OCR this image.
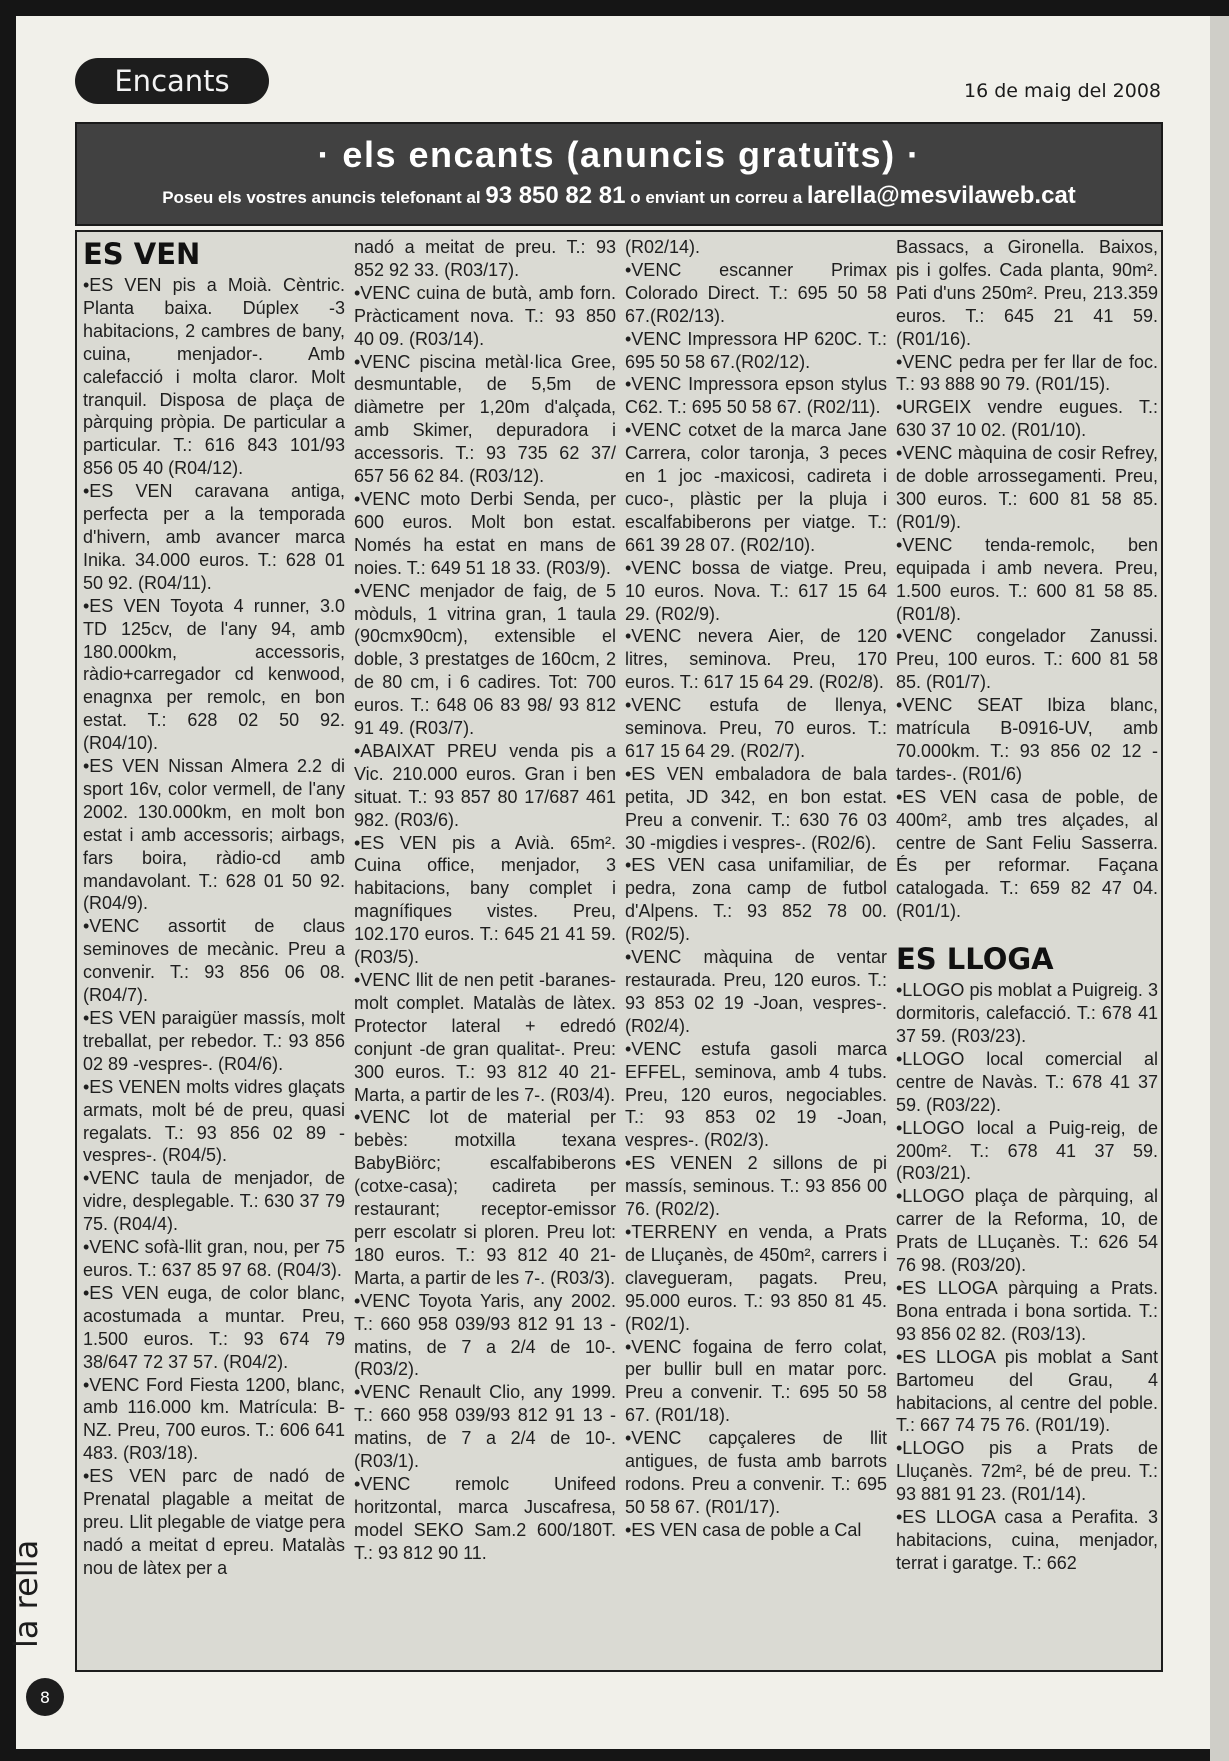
Encants	16 de maig del 2008
· els encants (anuncis gratuïts) ·
Poseu els vostres anuncis telefonant al 93 850 82 81 o enviant un correu a larella@mesvilaweb.cat
ES VEN

•ES VEN pis a Moià. Cèntric. Planta baixa. Dúplex -3 habitacions, 2 cambres de bany, cuina, menjador-. Amb calefacció i molta claror. Molt tranquil. Disposa de plaça de pàrquing pròpia. De particular a particular. T.: 616 843 101/93 856 05 40 (R04/12).

•ES VEN caravana antiga, perfecta per a la temporada d'hivern, amb avancer marca Inika. 34.000 euros. T.: 628 01 50 92. (R04/11).

•ES VEN Toyota 4 runner, 3.0 TD 125cv, de l'any 94, amb 180.000km, accessoris, ràdio+carregador cd kenwood, enagnxa per remolc, en bon estat. T.: 628 02 50 92. (R04/10).

•ES VEN Nissan Almera 2.2 di sport 16v, color vermell, de l'any 2002. 130.000km, en molt bon estat i amb accessoris; airbags, fars boira, ràdio-cd amb mandavolant. T.: 628 01 50 92. (R04/9).

•VENC assortit de claus seminoves de mecànic. Preu a convenir. T.: 93 856 06 08. (R04/7).

•ES VEN paraigüer massís, molt treballat, per rebedor. T.: 93 856 02 89 -vespres-. (R04/6).

•ES VENEN molts vidres glaçats armats, molt bé de preu, quasi regalats. T.: 93 856 02 89 -vespres-. (R04/5).

•VENC taula de menjador, de vidre, desplegable. T.: 630 37 79 75. (R04/4).

•VENC sofà-llit gran, nou, per 75 euros. T.: 637 85 97 68. (R04/3).

•ES VEN euga, de color blanc, acostumada a muntar. Preu, 1.500 euros. T.: 93 674 79 38/647 72 37 57. (R04/2).

•VENC Ford Fiesta 1200, blanc, amb 116.000 km. Matrícula: B-NZ. Preu, 700 euros. T.: 606 641 483. (R03/18).

•ES VEN parc de nadó de Prenatal plagable a meitat de preu. Llit plegable de viatge pera nadó a meitat d epreu. Matalàs nou de làtex per a

nadó a meitat de preu. T.: 93 852 92 33. (R03/17).

•VENC cuina de butà, amb forn. Pràcticament nova. T.: 93 850 40 09. (R03/14).

•VENC piscina metàl·lica Gree, desmuntable, de 5,5m de diàmetre per 1,20m d'alçada, amb Skimer, depuradora i accessoris. T.: 93 735 62 37/ 657 56 62 84. (R03/12).

•VENC moto Derbi Senda, per 600 euros. Molt bon estat. Només ha estat en mans de noies. T.: 649 51 18 33. (R03/9).

•VENC menjador de faig, de 5 mòduls, 1 vitrina gran, 1 taula (90cmx90cm), extensible el doble, 3 prestatges de 160cm, 2 de 80 cm, i 6 cadires. Tot: 700 euros. T.: 648 06 83 98/ 93 812 91 49. (R03/7).

•ABAIXAT PREU venda pis a Vic. 210.000 euros. Gran i ben situat. T.: 93 857 80 17/687 461 982. (R03/6).

•ES VEN pis a Avià. 65m². Cuina office, menjador, 3 habitacions, bany complet i magnífiques vistes. Preu, 102.170 euros. T.: 645 21 41 59. (R03/5).

•VENC llit de nen petit -baranes- molt complet. Matalàs de làtex. Protector lateral + edredó conjunt -de gran qualitat-. Preu: 300 euros. T.: 93 812 40 21-Marta, a partir de les 7-. (R03/4).

•VENC lot de material per bebès: motxilla texana BabyBiörc; escalfabiberons (cotxe-casa); cadireta per restaurant; receptor-emissor perr escolatr si ploren. Preu lot: 180 euros. T.: 93 812 40 21-Marta, a partir de les 7-. (R03/3).

•VENC Toyota Yaris, any 2002. T.: 660 958 039/93 812 91 13 -matins, de 7 a 2/4 de 10-. (R03/2).

•VENC Renault Clio, any 1999. T.: 660 958 039/93 812 91 13 -matins, de 7 a 2/4 de 10-. (R03/1).

•VENC remolc Unifeed horitzontal, marca Juscafresa, model SEKO Sam.2 600/180T. T.: 93 812 90 11.

(R02/14).

•VENC escanner Primax Colorado Direct. T.: 695 50 58 67.(R02/13).

•VENC Impressora HP 620C. T.: 695 50 58 67.(R02/12).

•VENC Impressora epson stylus C62. T.: 695 50 58 67. (R02/11).

•VENC cotxet de la marca Jane Carrera, color taronja, 3 peces en 1 joc -maxicosi, cadireta i cuco-, plàstic per la pluja i escalfabiberons per viatge. T.: 661 39 28 07. (R02/10).

•VENC bossa de viatge. Preu, 10 euros. Nova. T.: 617 15 64 29. (R02/9).

•VENC nevera Aier, de 120 litres, seminova. Preu, 170 euros. T.: 617 15 64 29. (R02/8).

•VENC estufa de llenya, seminova. Preu, 70 euros. T.: 617 15 64 29. (R02/7).

•ES VEN embaladora de bala petita, JD 342, en bon estat. Preu a convenir. T.: 630 76 03 30 -migdies i vespres-. (R02/6).

•ES VEN casa unifamiliar, de pedra, zona camp de futbol d'Alpens. T.: 93 852 78 00. (R02/5).

•VENC màquina de ventar restaurada. Preu, 120 euros. T.: 93 853 02 19 -Joan, vespres-. (R02/4).

•VENC estufa gasoli marca EFFEL, seminova, amb 4 tubs. Preu, 120 euros, negociables. T.: 93 853 02 19 -Joan, vespres-. (R02/3).

•ES VENEN 2 sillons de pi massís, seminous. T.: 93 856 00 76. (R02/2).

•TERRENY en venda, a Prats de Lluçanès, de 450m², carrers i clavegueram, pagats. Preu, 95.000 euros. T.: 93 850 81 45. (R02/1).

•VENC fogaina de ferro colat, per bullir bull en matar porc. Preu a convenir. T.: 695 50 58 67. (R01/18).

•VENC capçaleres de llit antigues, de fusta amb barrots rodons. Preu a convenir. T.: 695 50 58 67. (R01/17).

•ES VEN casa de poble a Cal

Bassacs, a Gironella. Baixos, pis i golfes. Cada planta, 90m². Pati d'uns 250m². Preu, 213.359 euros. T.: 645 21 41 59. (R01/16).

•VENC pedra per fer llar de foc. T.: 93 888 90 79. (R01/15).

•URGEIX vendre eugues. T.: 630 37 10 02. (R01/10).

•VENC màquina de cosir Refrey, de doble arrossegamenti. Preu, 300 euros. T.: 600 81 58 85. (R01/9).

•VENC tenda-remolc, ben equipada i amb nevera. Preu, 1.500 euros. T.: 600 81 58 85. (R01/8).

•VENC congelador Zanussi. Preu, 100 euros. T.: 600 81 58 85. (R01/7).

•VENC SEAT Ibiza blanc, matrícula B-0916-UV, amb 70.000km. T.: 93 856 02 12 -tardes-. (R01/6)

•ES VEN casa de poble, de 400m², amb tres alçades, al centre de Sant Feliu Sasserra. És per reformar. Façana catalogada. T.: 659 82 47 04. (R01/1).

ES LLOGA

•LLOGO pis moblat a Puigreig. 3 dormitoris, calefacció. T.: 678 41 37 59. (R03/23).

•LLOGO local comercial al centre de Navàs. T.: 678 41 37 59. (R03/22).

•LLOGO local a Puig-reig, de 200m². T.: 678 41 37 59. (R03/21).

•LLOGO plaça de pàrquing, al carrer de la Reforma, 10, de Prats de LLuçanès. T.: 626 54 76 98. (R03/20).

•ES LLOGA pàrquing a Prats. Bona entrada i bona sortida. T.: 93 856 02 82. (R03/13).

•ES LLOGA pis moblat a Sant Bartomeu del Grau, 4 habitacions, al centre del poble. T.: 667 74 75 76. (R01/19).

•LLOGO pis a Prats de Lluçanès. 72m², bé de preu. T.: 93 881 91 23. (R01/14).

•ES LLOGA casa a Perafita. 3 habitacions, cuina, menjador, terrat i garatge. T.: 662

la rella
8
